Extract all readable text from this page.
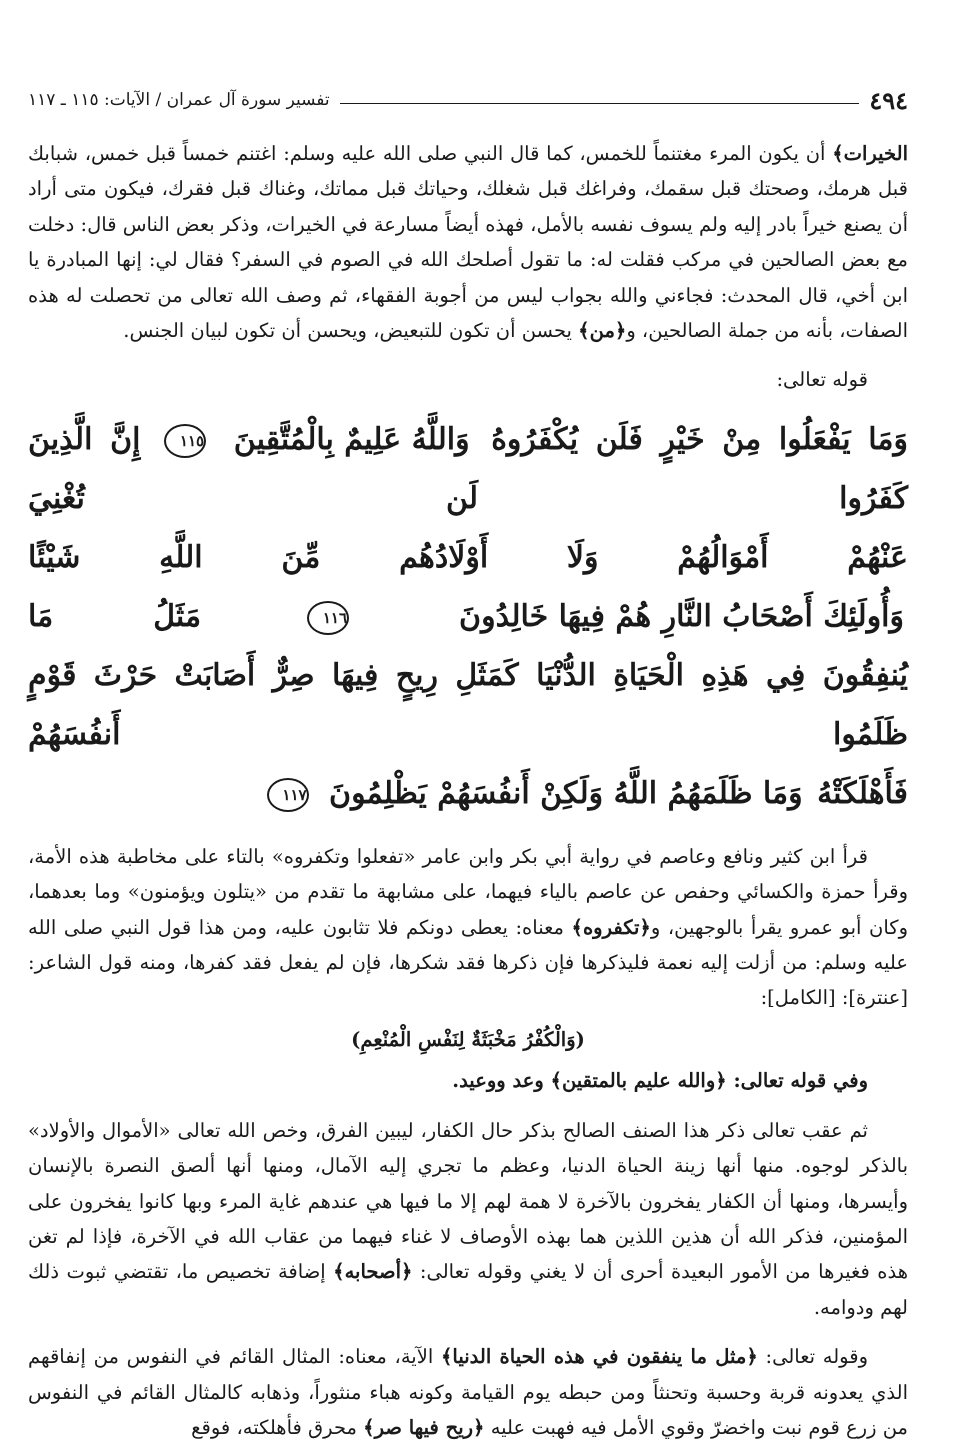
٤٩٤
تفسير سورة آل عمران / الآيات: ١١٥ ـ ١١٧

الخيرات﴾ أن يكون المرء مغتنماً للخمس، كما قال النبي صلى الله عليه وسلم: اغتنم خمساً قبل خمس، شبابك قبل هرمك، وصحتك قبل سقمك، وفراغك قبل شغلك، وحياتك قبل مماتك، وغناك قبل فقرك، فيكون متى أراد أن يصنع خيراً بادر إليه ولم يسوف نفسه بالأمل، فهذه أيضاً مسارعة في الخيرات، وذكر بعض الناس قال: دخلت مع بعض الصالحين في مركب فقلت له: ما تقول أصلحك الله في الصوم في السفر؟ فقال لي: إنها المبادرة يا ابن أخي، قال المحدث: فجاءني والله بجواب ليس من أجوبة الفقهاء، ثم وصف الله تعالى من تحصلت له هذه الصفات، بأنه من جملة الصالحين، و﴿من﴾ يحسن أن تكون للتبعيض، ويحسن أن تكون لبيان الجنس.

قوله تعالى:

وَمَا يَفْعَلُوا مِنْ خَيْرٍ فَلَن يُكْفَرُوهُ وَاللَّهُ عَلِيمٌ بِالْمُتَّقِينَ ١١٥ إِنَّ الَّذِينَ كَفَرُوا لَن تُغْنِيَ
عَنْهُمْ أَمْوَالُهُمْ وَلَا أَوْلَادُهُم مِّنَ اللَّهِ شَيْئًا وَأُولَئِكَ أَصْحَابُ النَّارِ هُمْ فِيهَا خَالِدُونَ ١١٦ مَثَلُ مَا
يُنفِقُونَ فِي هَذِهِ الْحَيَاةِ الدُّنْيَا كَمَثَلِ رِيحٍ فِيهَا صِرٌّ أَصَابَتْ حَرْثَ قَوْمٍ ظَلَمُوا أَنفُسَهُمْ
فَأَهْلَكَتْهُ وَمَا ظَلَمَهُمُ اللَّهُ وَلَكِنْ أَنفُسَهُمْ يَظْلِمُونَ ١١٧

قرأ ابن كثير ونافع وعاصم في رواية أبي بكر وابن عامر «تفعلوا وتكفروه» بالتاء على مخاطبة هذه الأمة، وقرأ حمزة والكسائي وحفص عن عاصم بالياء فيهما، على مشابهة ما تقدم من «يتلون ويؤمنون» وما بعدهما، وكان أبو عمرو يقرأ بالوجهين، و﴿تكفروه﴾ معناه: يعطى دونكم فلا تثابون عليه، ومن هذا قول النبي صلى الله عليه وسلم: من أزلت إليه نعمة فليذكرها فإن ذكرها فقد شكرها، فإن لم يفعل فقد كفرها، ومنه قول الشاعر: [عنترة]: [الكامل]:

(وَالْكُفْرُ مَخْبَثَةٌ لِنَفْسِ الْمُنْعِمِ)

وفي قوله تعالى: ﴿والله عليم بالمتقين﴾ وعد ووعيد.

ثم عقب تعالى ذكر هذا الصنف الصالح بذكر حال الكفار، ليبين الفرق، وخص الله تعالى «الأموال والأولاد» بالذكر لوجوه. منها أنها زينة الحياة الدنيا، وعظم ما تجري إليه الآمال، ومنها أنها ألصق النصرة بالإنسان وأيسرها، ومنها أن الكفار يفخرون بالآخرة لا همة لهم إلا ما فيها هي عندهم غاية المرء وبها كانوا يفخرون على المؤمنين، فذكر الله أن هذين اللذين هما بهذه الأوصاف لا غناء فيهما من عقاب الله في الآخرة، فإذا لم تغن هذه فغيرها من الأمور البعيدة أحرى أن لا يغني وقوله تعالى: ﴿أصحابه﴾ إضافة تخصيص ما، تقتضي ثبوت ذلك لهم ودوامه.

وقوله تعالى: ﴿مثل ما ينفقون في هذه الحياة الدنيا﴾ الآية، معناه: المثال القائم في النفوس من إنفاقهم الذي يعدونه قربة وحسبة وتحنثاً ومن حبطه يوم القيامة وكونه هباء منثوراً، وذهابه كالمثال القائم في النفوس من زرع قوم نبت واخضرّ وقوي الأمل فيه فهبت عليه ﴿ريح فيها صر﴾ محرق فأهلكته، فوقع
